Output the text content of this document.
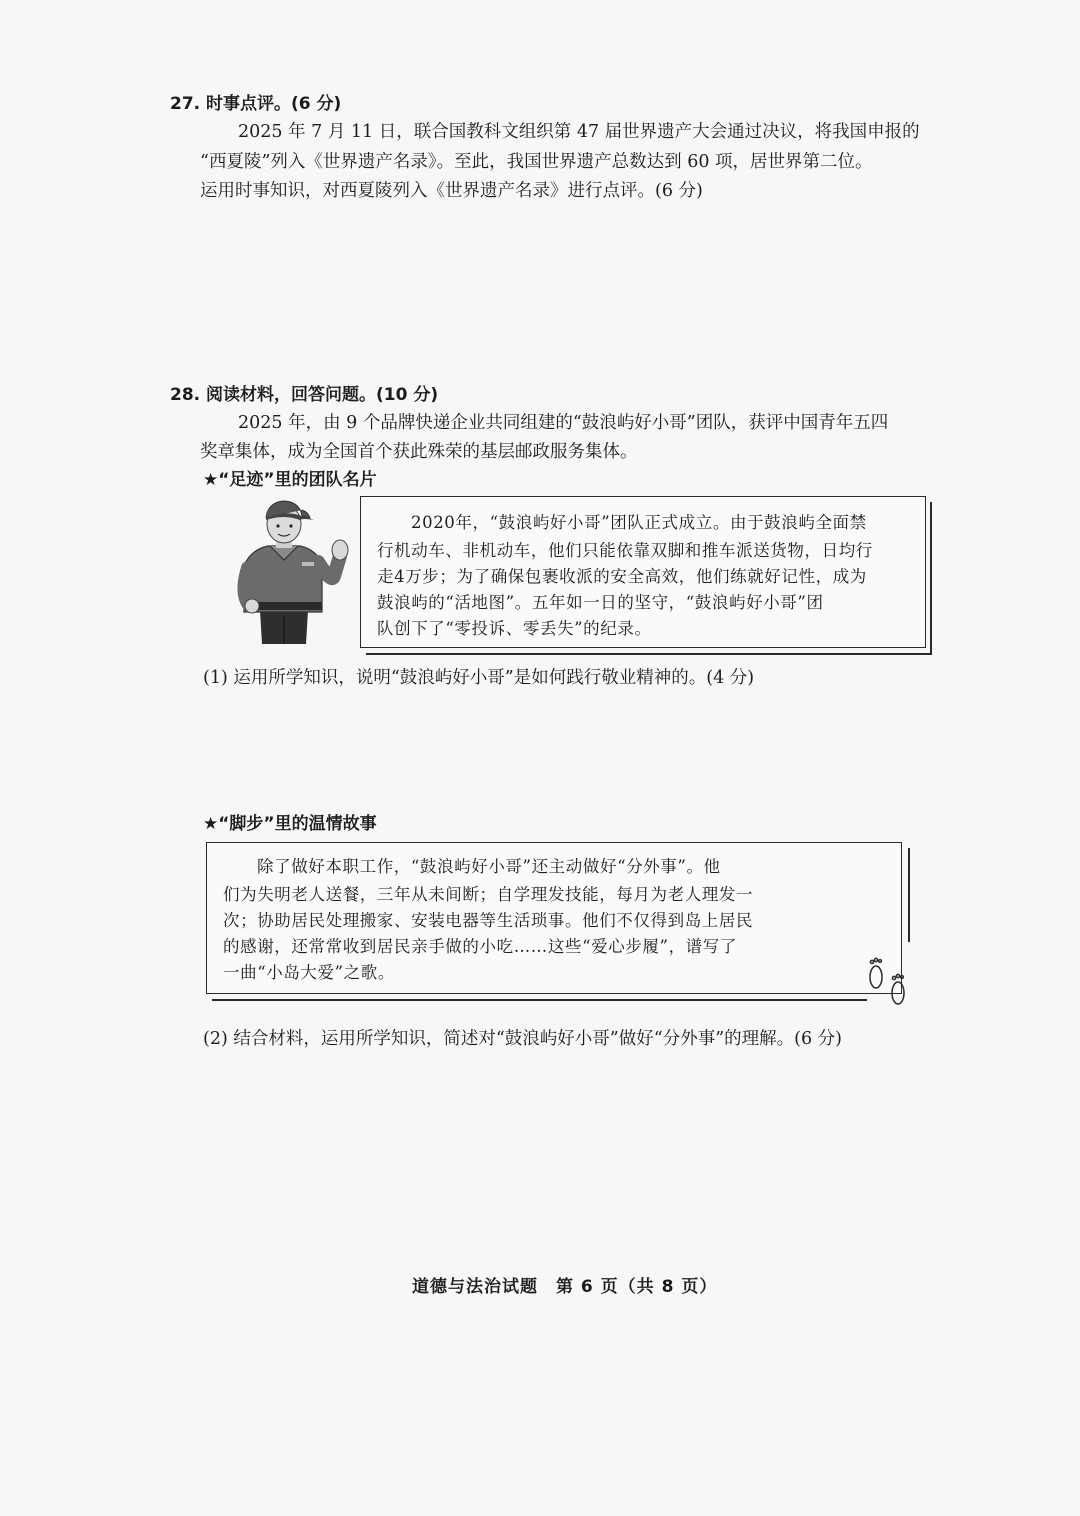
27. 时事点评。(6 分)
2025 年 7 月 11 日，联合国教科文组织第 47 届世界遗产大会通过决议，将我国申报的
“西夏陵”列入《世界遗产名录》。至此，我国世界遗产总数达到 60 项，居世界第二位。
运用时事知识，对西夏陵列入《世界遗产名录》进行点评。(6 分)
28. 阅读材料，回答问题。(10 分)
2025 年，由 9 个品牌快递企业共同组建的“鼓浪屿好小哥”团队，获评中国青年五四
奖章集体，成为全国首个获此殊荣的基层邮政服务集体。
★“足迹”里的团队名片
2020年，“鼓浪屿好小哥”团队正式成立。由于鼓浪屿全面禁
行机动车、非机动车，他们只能依靠双脚和推车派送货物，日均行
走4万步；为了确保包裹收派的安全高效，他们练就好记性，成为
鼓浪屿的“活地图”。五年如一日的坚守，“鼓浪屿好小哥”团
队创下了“零投诉、零丢失”的纪录。
(1) 运用所学知识，说明“鼓浪屿好小哥”是如何践行敬业精神的。(4 分)
★“脚步”里的温情故事
除了做好本职工作，“鼓浪屿好小哥”还主动做好“分外事”。他
们为失明老人送餐，三年从未间断；自学理发技能，每月为老人理发一
次；协助居民处理搬家、安装电器等生活琐事。他们不仅得到岛上居民
的感谢，还常常收到居民亲手做的小吃……这些“爱心步履”，谱写了
一曲“小岛大爱”之歌。
(2) 结合材料，运用所学知识，简述对“鼓浪屿好小哥”做好“分外事”的理解。(6 分)
道德与法治试题　第 6 页（共 8 页）
